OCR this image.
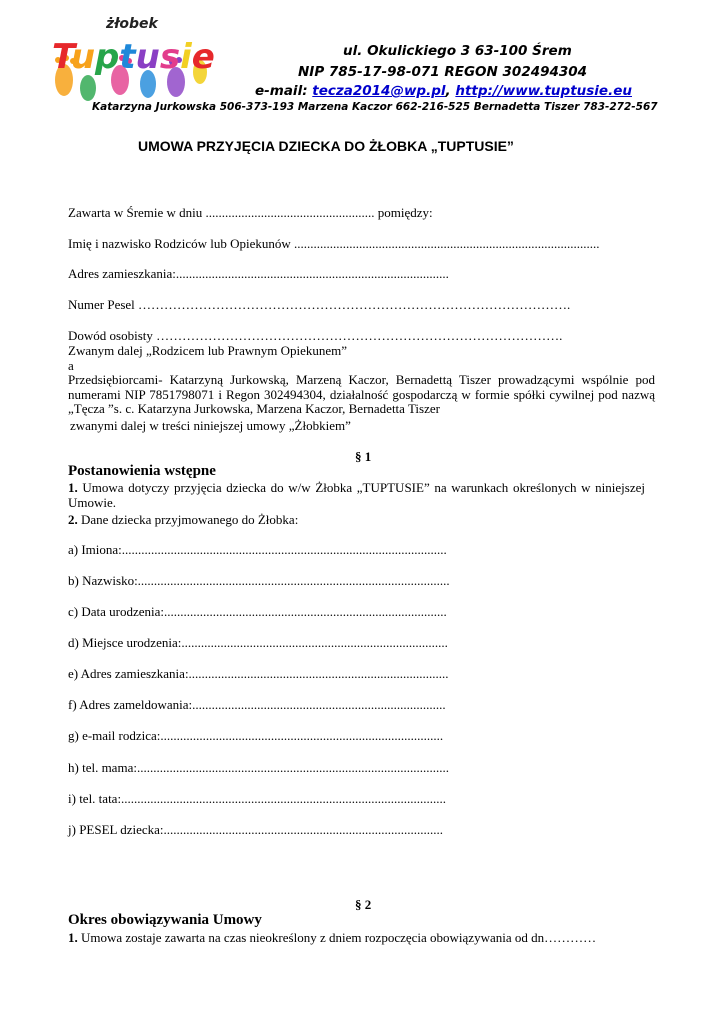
żłobek
Tuptusie	ul. Okulickiego 3 63-100 Śrem
NIP 785-17-98-071 REGON 302494304
e-mail: tecza2014@wp.pl, http://www.tuptusie.eu
Katarzyna Jurkowska 506-373-193 Marzena Kaczor 662-216-525 Bernadetta Tiszer 783-272-567
UMOWA PRZYJĘCIA DZIECKA DO ŻŁOBKA „TUPTUSIE”
Zawarta w Śremie w dniu .................................................... pomiędzy:
Imię i nazwisko Rodziców lub Opiekunów ..............................................................................................
Adres zamieszkania:....................................................................................
Numer Pesel ……………………………………………………………………………………….
Dowód osobisty ………………………………………………………………………………….
Zwanym dalej „Rodzicem lub Prawnym Opiekunem”
a
Przedsiębiorcami- Katarzyną Jurkowską, Marzeną Kaczor, Bernadettą Tiszer prowadzącymi wspólnie pod numerami NIP 7851798071 i Regon 302494304, działalność gospodarczą w formie spółki cywilnej pod nazwą „Tęcza ”s. c. Katarzyna Jurkowska, Marzena Kaczor, Bernadetta Tiszer
zwanymi dalej w treści niniejszej umowy „Żłobkiem”
§ 1
Postanowienia wstępne
1. Umowa dotyczy przyjęcia dziecka do w/w Żłobka „TUPTUSIE” na warunkach określonych w niniejszej Umowie.
2. Dane dziecka przyjmowanego do Żłobka:
a) Imiona:....................................................................................................
b) Nazwisko:................................................................................................
c) Data urodzenia:.......................................................................................
d) Miejsce urodzenia:..................................................................................
e) Adres zamieszkania:................................................................................
f) Adres zameldowania:..............................................................................
g) e-mail rodzica:.......................................................................................
h) tel. mama:................................................................................................
i) tel. tata:....................................................................................................
j) PESEL dziecka:......................................................................................
§ 2
Okres obowiązywania Umowy
1. Umowa zostaje zawarta na czas nieokreślony z dniem rozpoczęcia obowiązywania od dn…………
